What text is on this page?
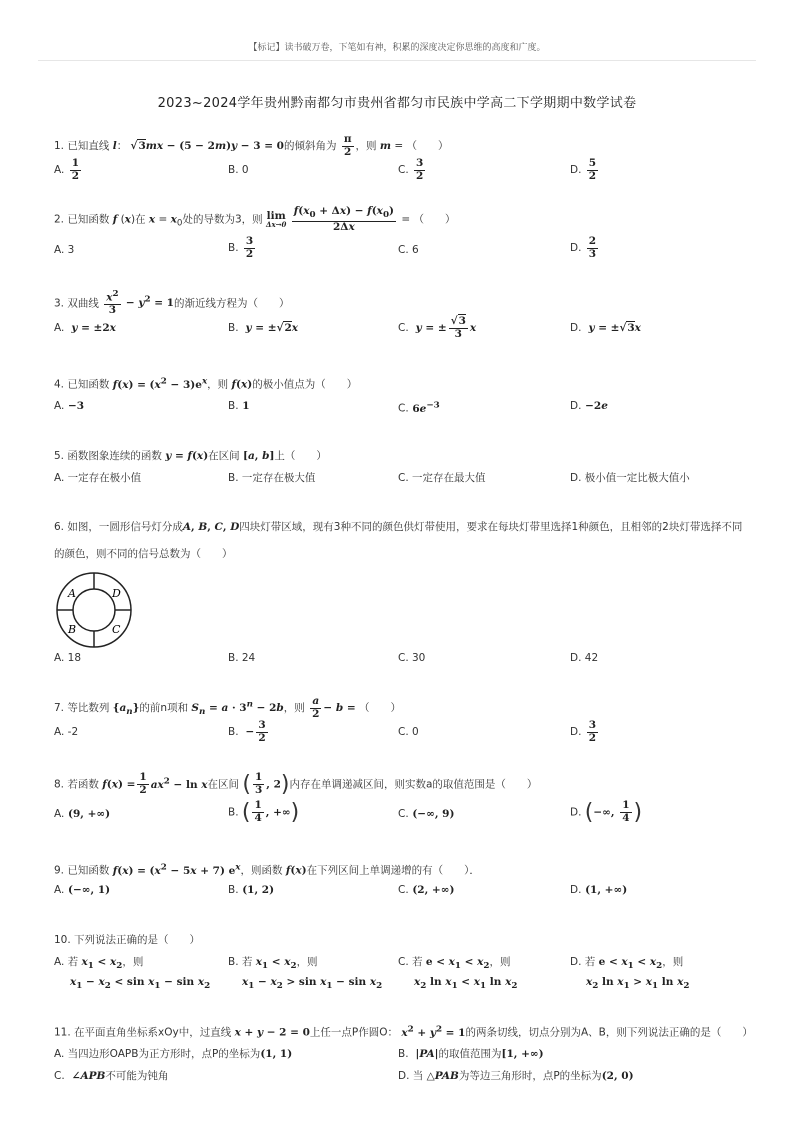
【标记】读书破万卷，下笔如有神，积累的深度决定你思维的高度和广度。
2023~2024学年贵州黔南都匀市贵州省都匀市民族中学高二下学期期中数学试卷
1. 已知直线 l： √3mx − (5 − 2m)y − 3 = 0的倾斜角为 $\frac{\pi}{2}$ ，则 m = （　　）
A. $\frac{1}{2}$	B. 0	C. $\frac{3}{2}$	D. $\frac{5}{2}$
2. 已知函数 f (x)在 $x = x_0$处的导数为3，则 lim
Δx→0
$\frac{f(x_0 + \Delta x) - f(x_0)}{2\Delta x}$ = （　　）
A. 3	B. $\frac{3}{2}$	C. 6	D. $\frac{2}{3}$
3. 双曲线 $\frac{x^2}{3} - y^2 = 1$的渐近线方程为（　　）
A. y = ±2x	B. y = ±√2x	C. y = ± $\frac{√3}{3}$ x	D. y = ±√3x
4. 已知函数 $f(x) = (x^2 - 3)e^x$，则 f(x)的极小值点为（　　）
A. −3	B. 1	C. $6e^{-3}$	D. −2e
5. 函数图象连续的函数 y = f(x)在区间 [a, b]上（　　）
A. 一定存在极小值	B. 一定存在极大值	C. 一定存在最大值	D. 极小值一定比极大值小
6. 如图，一圆形信号灯分成A, B, C, D四块灯带区域，现有3种不同的颜色供灯带使用，要求在每块灯带里选择1种颜色，且相邻的2块灯带选择不同的颜色，则不同的信号总数为（　　）
A	D
B	C
A. 18	B. 24	C. 30	D. 42
7. 等比数列 $\{a_n\}$的前n项和 $S_n = a \cdot 3^n - 2b$，则 $\frac{a}{2} - b$ = （　　）
A. -2	B.  − $\frac{3}{2}$	C. 0	D. $\frac{3}{2}$
8. 若函数 $f(x) = \frac{1}{2} ax^2 - \ln x$在区间 ( $\frac{1}{3}$ , 2)内存在单调递减区间，则实数a的取值范围是（　　）
A. (9, +∞)	B. ( $\frac{1}{4}$ , +∞)	C. (−∞, 9)	D. (−∞, $\frac{1}{4}$ )
9. 已知函数 $f(x) = (x^2 - 5x + 7)$ $e^x$，则函数 f(x)在下列区间上单调递增的有（　　）．
A. (−∞, 1)	B. (1, 2)	C. (2, +∞)	D. (1, +∞)
10. 下列说法正确的是（　　）
A. 若 $x_1 < x_2$，则
$x_1 - x_2 < \sin x_1 - \sin x_2$
B. 若 $x_1 < x_2$，则
$x_1 - x_2 > \sin x_1 - \sin x_2$
C. 若 $e < x_1 < x_2$，则
$x_2$ $\ln x_1 < x_1$ $\ln x_2$
D. 若 $e < x_1 < x_2$，则
$x_2$ $\ln x_1 > x_1$ $\ln x_2$
11. 在平面直角坐标系xOy中，过直线 x + y − 2 = 0上任一点P作圆O： $x^2 + y^2 = 1$的两条切线，切点分别为A、B，则下列说法正确的是（　　）
A. 当四边形OAPB为正方形时，点P的坐标为(1, 1)	B.  |PA|的取值范围为[1, +∞)
C.  ∠APB不可能为钝角	D. 当 △PAB为等边三角形时，点P的坐标为(2, 0)
